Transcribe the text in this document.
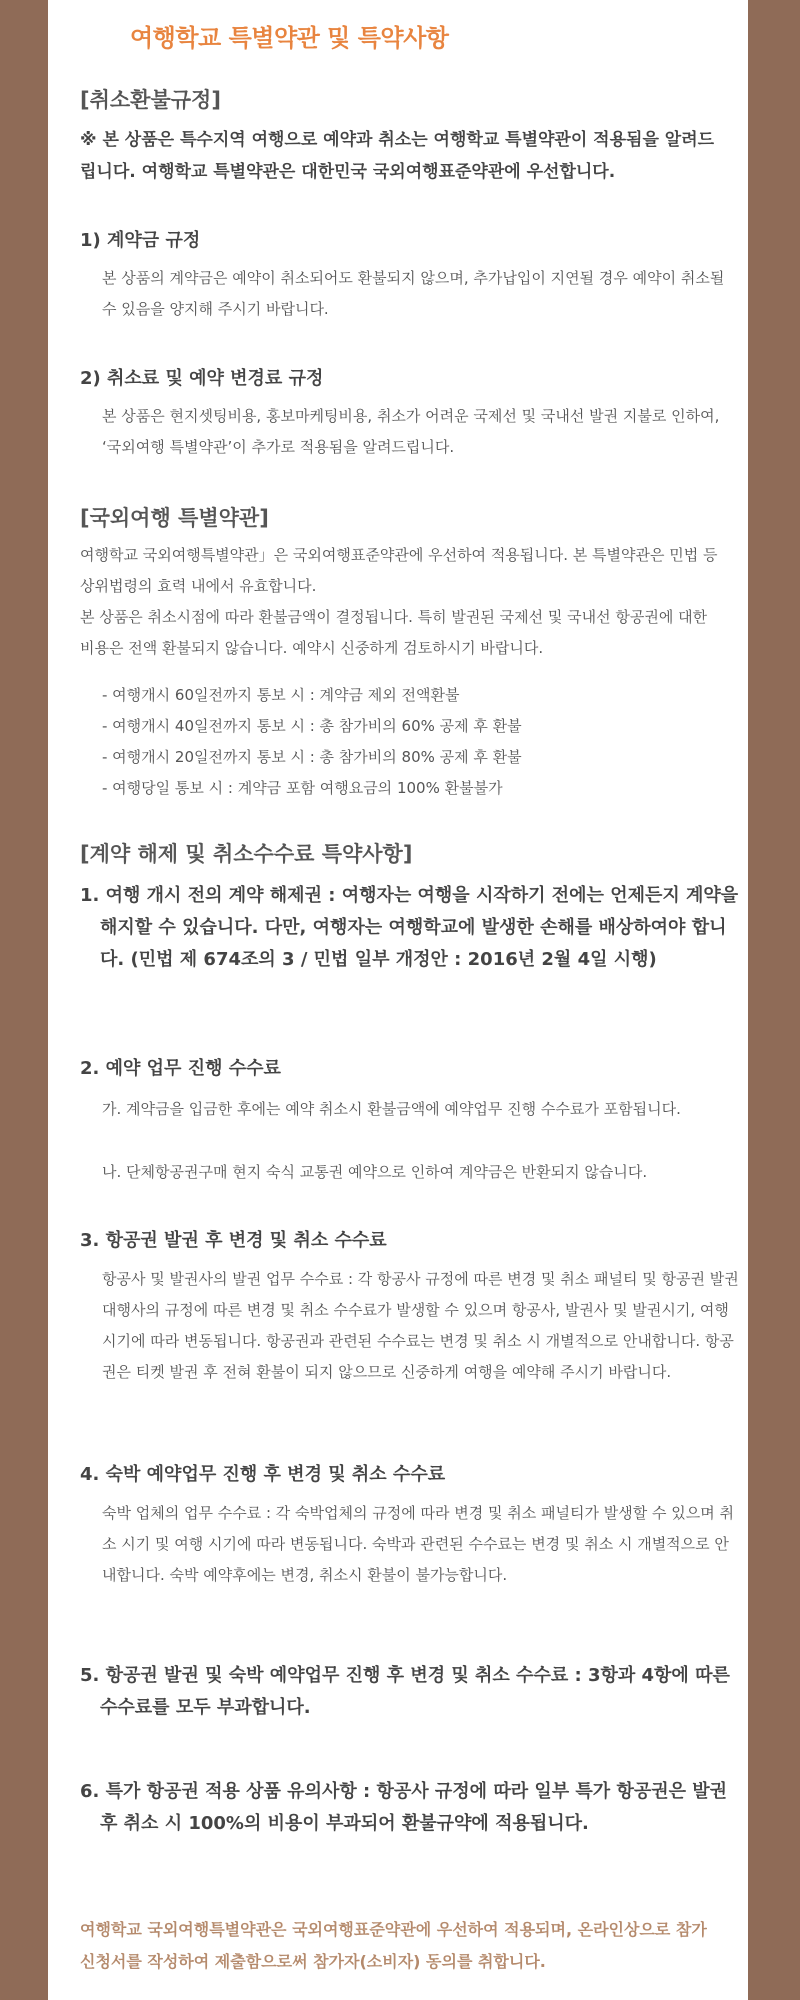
여행학교 특별약관 및 특약사항
[취소환불규정]
※ 본 상품은 특수지역 여행으로 예약과 취소는 여행학교 특별약관이 적용됨을 알려드립니다. 여행학교 특별약관은 대한민국 국외여행표준약관에 우선합니다.
1) 계약금 규정
본 상품의 계약금은 예약이 취소되어도 환불되지 않으며, 추가납입이 지연될 경우 예약이 취소될 수 있음을 양지해 주시기 바랍니다.
2) 취소료 및 예약 변경료 규정
본 상품은 현지셋팅비용, 홍보마케팅비용, 취소가 어려운 국제선 및 국내선 발권 지불로 인하여, ‘국외여행 특별약관’이 추가로 적용됨을 알려드립니다.
[국외여행 특별약관]
여행학교 국외여행특별약관」은 국외여행표준약관에 우선하여 적용됩니다. 본 특별약관은 민법 등 상위법령의 효력 내에서 유효합니다.
본 상품은 취소시점에 따라 환불금액이 결정됩니다. 특히 발권된 국제선 및 국내선 항공권에 대한 비용은 전액 환불되지 않습니다. 예약시 신중하게 검토하시기 바랍니다.
- 여행개시 60일전까지 통보 시 : 계약금 제외 전액환불
- 여행개시 40일전까지 통보 시 : 총 참가비의 60% 공제 후 환불
- 여행개시 20일전까지 통보 시 : 총 참가비의 80% 공제 후 환불
- 여행당일 통보 시 : 계약금 포함 여행요금의 100% 환불불가
[계약 해제 및 취소수수료 특약사항]
1. 여행 개시 전의 계약 해제권 : 여행자는 여행을 시작하기 전에는 언제든지 계약을 해지할 수 있습니다. 다만, 여행자는 여행학교에 발생한 손해를 배상하여야 합니다. (민법 제 674조의 3 / 민법 일부 개정안 : 2016년 2월 4일 시행)
2. 예약 업무 진행 수수료
가. 계약금을 입금한 후에는 예약 취소시 환불금액에 예약업무 진행 수수료가 포함됩니다.
나. 단체항공권구매 현지 숙식 교통권 예약으로 인하여 계약금은 반환되지 않습니다.
3. 항공권 발권 후 변경 및 취소 수수료
항공사 및 발권사의 발권 업무 수수료 : 각 항공사 규정에 따른 변경 및 취소 패널티 및 항공권 발권 대행사의 규정에 따른 변경 및 취소 수수료가 발생할 수 있으며 항공사, 발권사 및 발권시기, 여행시기에 따라 변동됩니다. 항공권과 관련된 수수료는 변경 및 취소 시 개별적으로 안내합니다. 항공권은 티켓 발권 후 전혀 환불이 되지 않으므로 신중하게 여행을 예약해 주시기 바랍니다.
4. 숙박 예약업무 진행 후 변경 및 취소 수수료
숙박 업체의 업무 수수료 : 각 숙박업체의 규정에 따라 변경 및 취소 패널티가 발생할 수 있으며 취소 시기 및 여행 시기에 따라 변동됩니다. 숙박과 관련된 수수료는 변경 및 취소 시 개별적으로 안내합니다. 숙박 예약후에는 변경, 취소시 환불이 불가능합니다.
5. 항공권 발권 및 숙박 예약업무 진행 후 변경 및 취소 수수료 : 3항과 4항에 따른 수수료를 모두 부과합니다.
6. 특가 항공권 적용 상품 유의사항 : 항공사 규정에 따라 일부 특가 항공권은 발권 후 취소 시 100%의 비용이 부과되어 환불규약에 적용됩니다.
여행학교 국외여행특별약관은 국외여행표준약관에 우선하여 적용되며, 온라인상으로 참가신청서를 작성하여 제출함으로써 참가자(소비자) 동의를 취합니다.
